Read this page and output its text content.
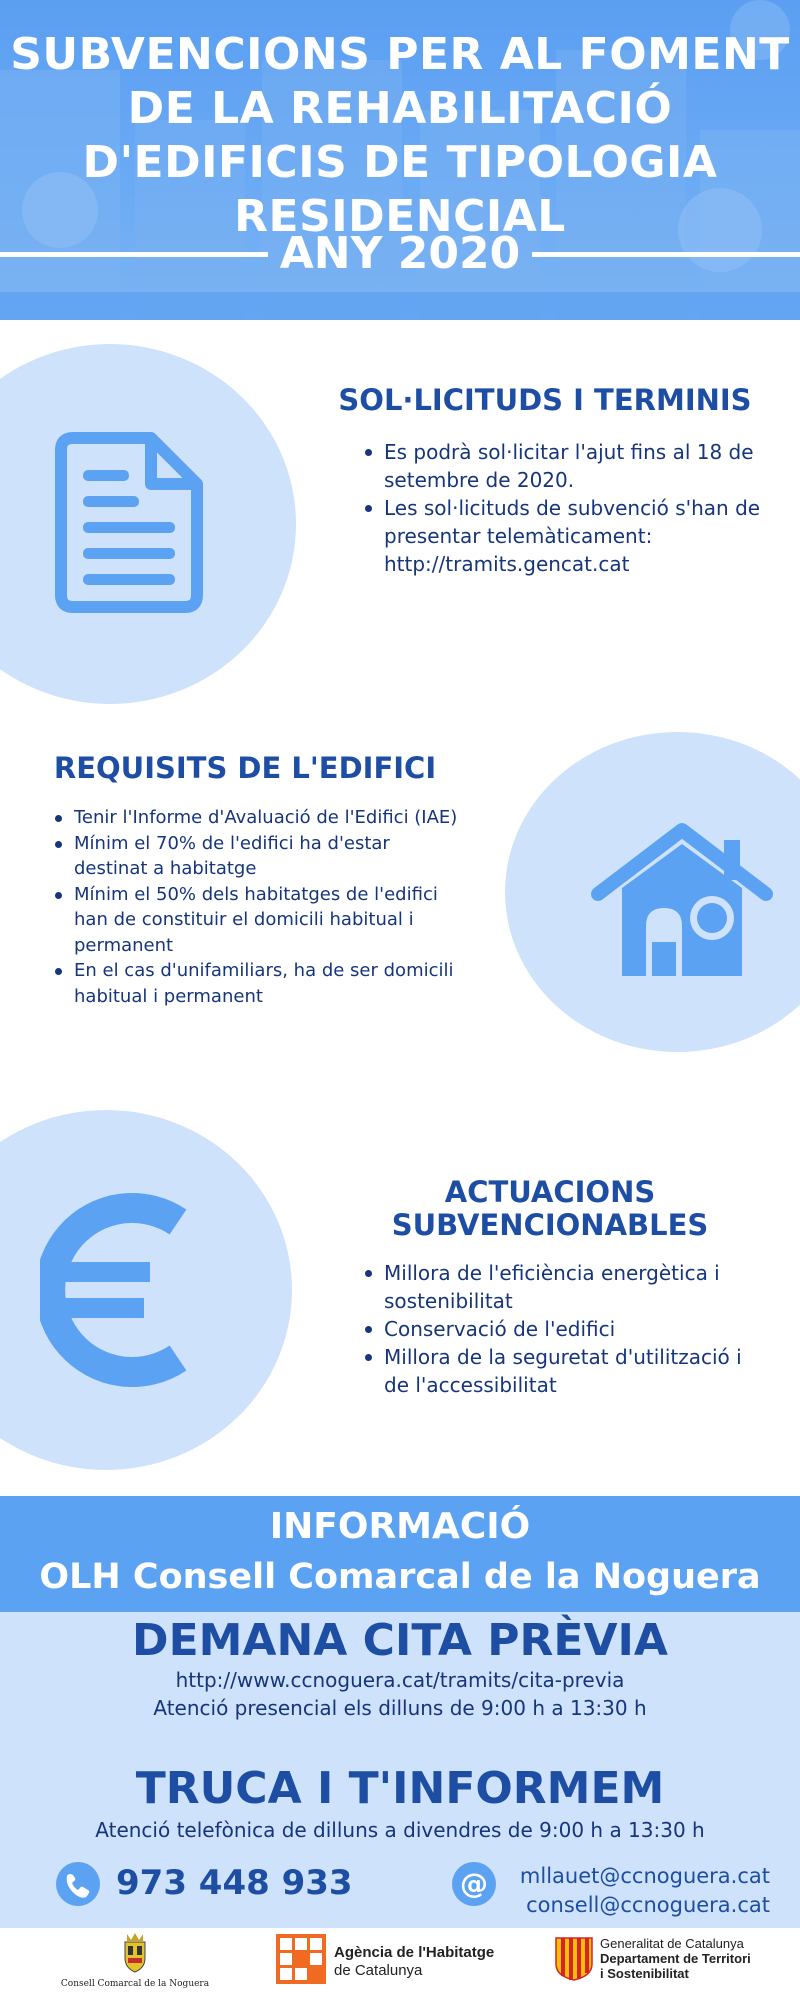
SUBVENCIONS PER AL FOMENT
DE LA REHABILITACIÓ
D'EDIFICIS DE TIPOLOGIA
RESIDENCIAL
ANY 2020
SOL·LICITUDS I TERMINIS
Es podrà sol·licitar l'ajut fins al 18 de setembre de 2020.
Les sol·licituds de subvenció s'han de presentar telemàticament: http://tramits.gencat.cat
REQUISITS DE L'EDIFICI
Tenir l'Informe d'Avaluació de l'Edifici (IAE)
Mínim el 70% de l'edifici ha d'estar destinat a habitatge
Mínim el 50% dels habitatges de l'edifici han de constituir el domicili habitual i permanent
En el cas d'unifamiliars, ha de ser domicili habitual i permanent
ACTUACIONS
SUBVENCIONABLES
Millora de l'eficiència energètica i sostenibilitat
Conservació de l'edifici
Millora de la seguretat d'utilització i de l'accessibilitat
INFORMACIÓ
OLH Consell Comarcal de la Noguera
DEMANA CITA PRÈVIA
http://www.ccnoguera.cat/tramits/cita-previa
Atenció presencial els dilluns de 9:00 h a 13:30 h
TRUCA I T'INFORMEM
Atenció telefònica de dilluns a divendres de 9:00 h a 13:30 h
973 448 933	@	mllauet@ccnoguera.cat
consell@ccnoguera.cat
Consell Comarcal de la Noguera
Agència de l'Habitatge
de Catalunya
Generalitat de Catalunya
Departament de Territori
i Sostenibilitat
